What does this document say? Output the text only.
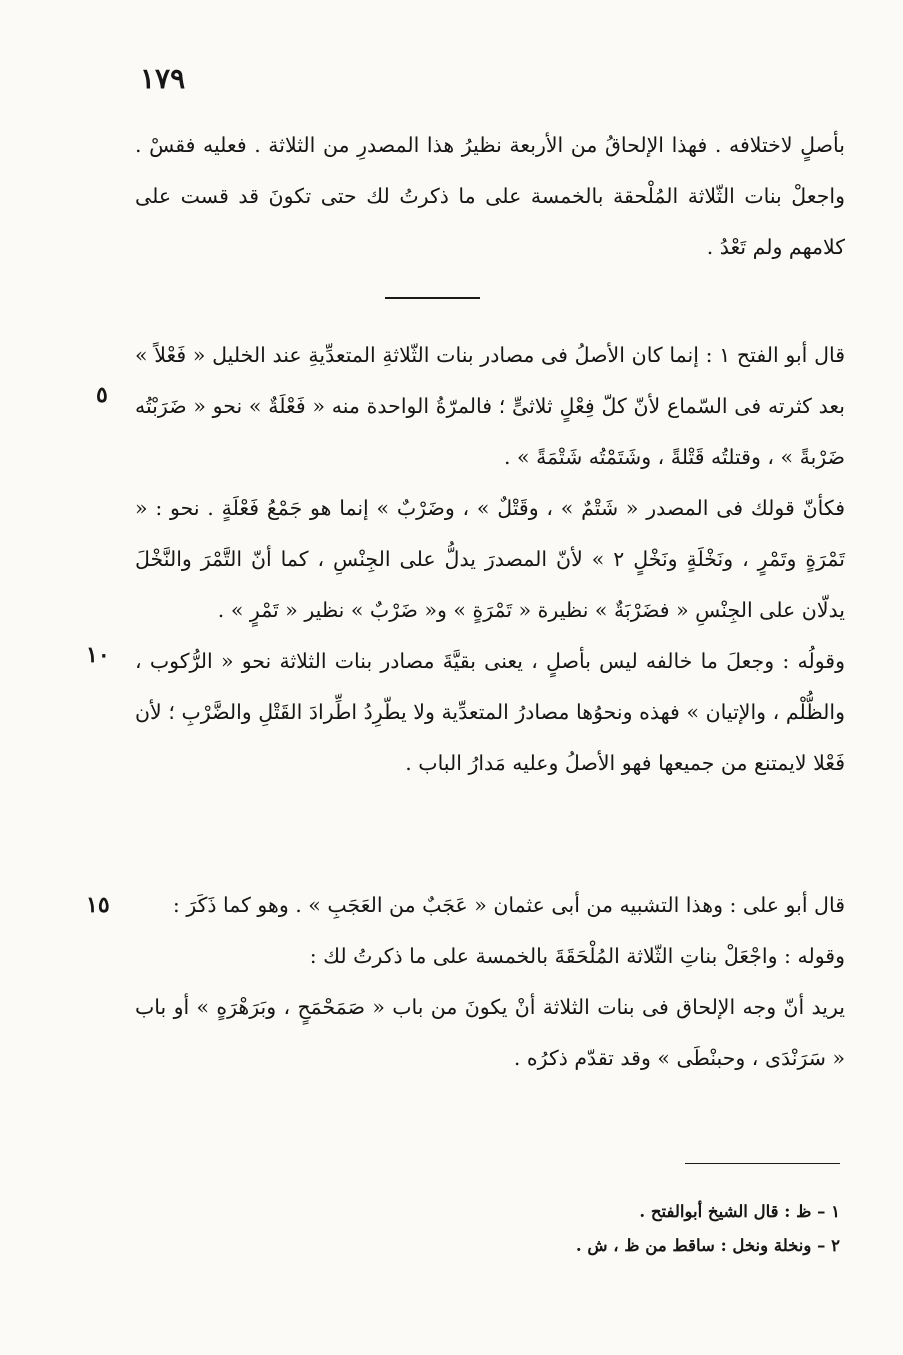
١٧٩

بأصلٍ لاختلافه . فهذا الإلحاقُ من الأربعة نظيرُ هذا المصدرِ من الثلاثة . فعليه فقسْ . واجعلْ بنات الثّلاثة المُلْحقة بالخمسة على ما ذكرتُ لك حتى تكونَ قد قست على كلامهم ولم تَعْدُ .

قال أبو الفتح ١ : إنما كان الأصلُ فى مصادر بنات الثّلاثةِ المتعدِّيةِ عند الخليل « فَعْلاً » بعد كثرته فى السّماع لأنّ كلّ فِعْلٍ ثلاثىٍّ ؛ فالمرّةُ الواحدة منه « فَعْلَةٌ » نحو « ضَرَبْتُه ضَرْبةً » ، وقتلتُه قَتْلةً ، وشَتَمْتُه شَتْمَةً » .

فكأنّ قولك فى المصدر « شَتْمٌ » ، وقَتْلٌ » ، وضَرْبٌ » إنما هو جَمْعُ فَعْلَةٍ . نحو : « تَمْرَةٍ وتَمْرٍ ، ونَخْلَةٍ ونَخْلٍ ٢ » لأنّ المصدرَ يدلُّ على الجِنْسِ ، كما أنّ التَّمْرَ والنَّخْلَ يدلّان على الجِنْسِ « فضَرْبَةٌ » نظيرة « تَمْرَةٍ » و« ضَرْبٌ » نظير « تَمْرٍ » .

وقولُه : وجعلَ ما خالفه ليس بأصلٍ ، يعنى بقيَّةَ مصادر بنات الثلاثة نحو « الرُّكوب ، والظُّلْم ، والإتيان » فهذه ونحوُها مصادرُ المتعدِّية ولا يطّرِدُ اطِّرادَ القَتْلِ والضَّرْبِ ؛ لأن فَعْلا لايمتنع من جميعها فهو الأصلُ وعليه مَدارُ الباب .

قال أبو على : وهذا التشبيه من أبى عثمان « عَجَبٌ من العَجَبِ » . وهو كما ذَكَرَ :

وقوله : واجْعَلْ بناتِ الثّلاثة المُلْحَقَةَ بالخمسة على ما ذكرتُ لك :

يريد أنّ وجه الإلحاق فى بنات الثلاثة أنْ يكونَ من باب « صَمَحْمَحٍ ، وبَرَهْرَهٍ » أو باب « سَرَنْدَى ، وحبنْطَى » وقد تقدّم ذكرُه .

٥
١٠
١٥

١ – ظ : قال الشيخ أبوالفتح .

٢ – ونخلة ونخل : ساقط من ظ ، ش .
